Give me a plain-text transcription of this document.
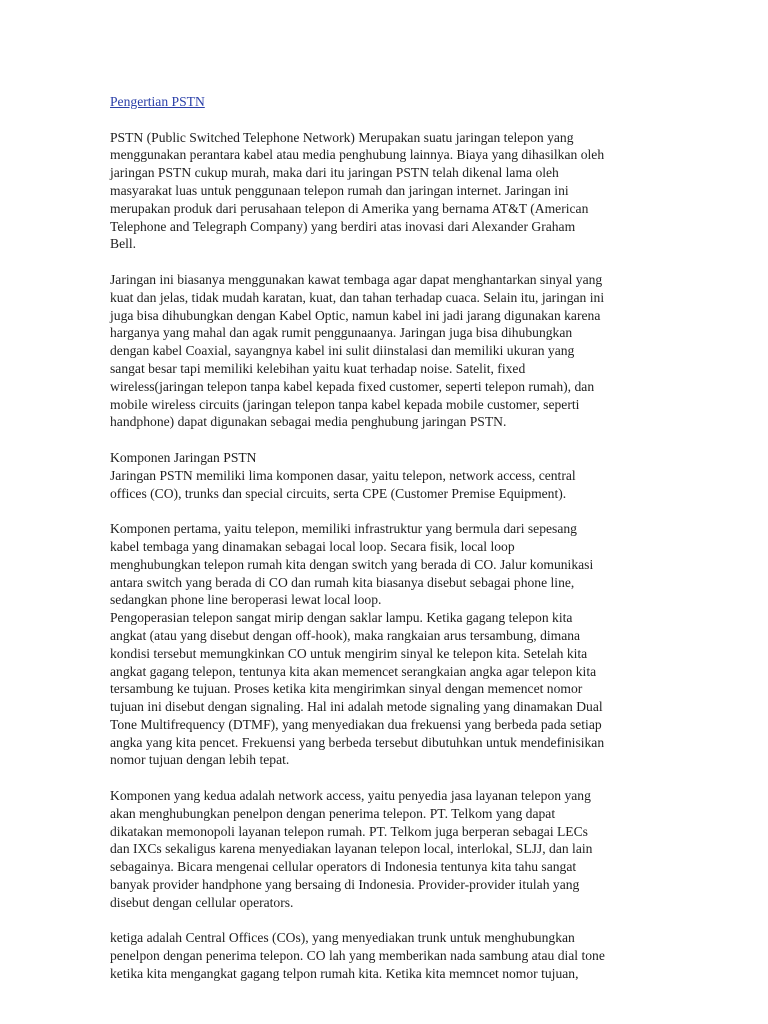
Pengertian PSTN
PSTN (Public Switched Telephone Network) Merupakan suatu jaringan telepon yang
menggunakan perantara kabel atau media penghubung lainnya. Biaya yang dihasilkan oleh
jaringan PSTN cukup murah, maka dari itu jaringan PSTN telah dikenal lama oleh
masyarakat luas untuk penggunaan telepon rumah dan jaringan internet. Jaringan ini
merupakan produk dari perusahaan telepon di Amerika yang bernama AT&T (American
Telephone and Telegraph Company) yang berdiri atas inovasi dari Alexander Graham
Bell.
Jaringan ini biasanya menggunakan kawat tembaga agar dapat menghantarkan sinyal yang
kuat dan jelas, tidak mudah karatan, kuat, dan tahan terhadap cuaca. Selain itu, jaringan ini
juga bisa dihubungkan dengan Kabel Optic, namun kabel ini jadi jarang digunakan karena
harganya yang mahal dan agak rumit penggunaanya. Jaringan juga bisa dihubungkan
dengan kabel Coaxial, sayangnya kabel ini sulit diinstalasi dan memiliki ukuran yang
sangat besar tapi memiliki kelebihan yaitu kuat terhadap noise. Satelit, fixed
wireless(jaringan telepon tanpa kabel kepada fixed customer, seperti telepon rumah), dan
mobile wireless circuits (jaringan telepon tanpa kabel kepada mobile customer, seperti
handphone) dapat digunakan sebagai media penghubung jaringan PSTN.
Komponen Jaringan PSTN
Jaringan PSTN memiliki lima komponen dasar, yaitu telepon, network access, central
offices (CO), trunks dan special circuits, serta CPE (Customer Premise Equipment).
Komponen pertama, yaitu telepon, memiliki infrastruktur yang bermula dari sepesang
kabel tembaga yang dinamakan sebagai local loop. Secara fisik, local loop
menghubungkan telepon rumah kita dengan switch yang berada di CO. Jalur komunikasi
antara switch yang berada di CO dan rumah kita biasanya disebut sebagai phone line,
sedangkan phone line beroperasi lewat local loop.
Pengoperasian telepon sangat mirip dengan saklar lampu. Ketika gagang telepon kita
angkat (atau yang disebut dengan off-hook), maka rangkaian arus tersambung, dimana
kondisi tersebut memungkinkan CO untuk mengirim sinyal ke telepon kita. Setelah kita
angkat gagang telepon, tentunya kita akan memencet serangkaian angka agar telepon kita
tersambung ke tujuan. Proses ketika kita mengirimkan sinyal dengan memencet nomor
tujuan ini disebut dengan signaling. Hal ini adalah metode signaling yang dinamakan Dual
Tone Multifrequency (DTMF), yang menyediakan dua frekuensi yang berbeda pada setiap
angka yang kita pencet. Frekuensi yang berbeda tersebut dibutuhkan untuk mendefinisikan
nomor tujuan dengan lebih tepat.
Komponen yang kedua adalah network access, yaitu penyedia jasa layanan telepon yang
akan menghubungkan penelpon dengan penerima telepon. PT. Telkom yang dapat
dikatakan memonopoli layanan telepon rumah. PT. Telkom juga berperan sebagai LECs
dan IXCs sekaligus karena menyediakan layanan telepon local, interlokal, SLJJ, dan lain
sebagainya. Bicara mengenai cellular operators di Indonesia tentunya kita tahu sangat
banyak provider handphone yang bersaing di Indonesia. Provider-provider itulah yang
disebut dengan cellular operators.
ketiga adalah Central Offices (COs), yang menyediakan trunk untuk menghubungkan
penelpon dengan penerima telepon. CO lah yang memberikan nada sambung atau dial tone
ketika kita mengangkat gagang telpon rumah kita. Ketika kita memncet nomor tujuan,
